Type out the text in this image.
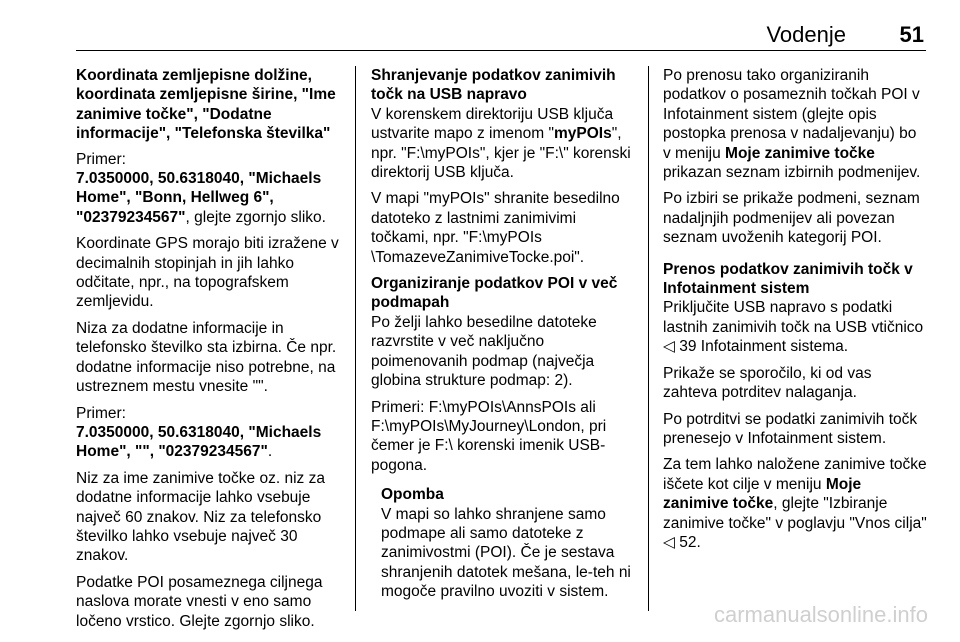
Vodenje 51
Koordinata zemljepisne dolžine, koordinata zemljepisne širine, "Ime zanimive točke", "Dodatne informacije", "Telefonska številka"

Primer:
7.0350000, 50.6318040, "Michaels Home", "Bonn, Hellweg 6", "02379234567", glejte zgornjo sliko.

Koordinate GPS morajo biti izražene v decimalnih stopinjah in jih lahko odčitate, npr., na topografskem zemljevidu.

Niza za dodatne informacije in telefonsko številko sta izbirna. Če npr. dodatne informacije niso potrebne, na ustreznem mestu vnesite "".

Primer:
7.0350000, 50.6318040, "Michaels Home", "", "02379234567".

Niz za ime zanimive točke oz. niz za dodatne informacije lahko vsebuje največ 60 znakov. Niz za telefonsko številko lahko vsebuje največ 30 znakov.

Podatke POI posameznega ciljnega naslova morate vnesti v eno samo ločeno vrstico. Glejte zgornjo sliko.

Shranjevanje podatkov zanimivih točk na USB napravo

V korenskem direktoriju USB ključa ustvarite mapo z imenom "myPOIs", npr. "F:\myPOIs", kjer je "F:\" korenski direktorij USB ključa.

V mapi "myPOIs" shranite besedilno datoteko z lastnimi zanimivimi točkami, npr. "F:\myPOIs \TomazeveZanimiveTocke.poi".

Organiziranje podatkov POI v več podmapah

Po želji lahko besedilne datoteke razvrstite v več naključno poimenovanih podmap (največja globina strukture podmap: 2).

Primeri: F:\myPOIs\AnnsPOIs ali F:\myPOIs\MyJourney\London, pri čemer je F:\ korenski imenik USB-pogona.

Opomba
V mapi so lahko shranjene samo podmape ali samo datoteke z zanimivostmi (POI). Če je sestava shranjenih datotek mešana, le-teh ni mogoče pravilno uvoziti v sistem.

Po prenosu tako organiziranih podatkov o posameznih točkah POI v Infotainment sistem (glejte opis postopka prenosa v nadaljevanju) bo v meniju Moje zanimive točke prikazan seznam izbirnih podmenijev.

Po izbiri se prikaže podmeni, seznam nadaljnjih podmenijev ali povezan seznam uvoženih kategorij POI.

Prenos podatkov zanimivih točk v Infotainment sistem

Priključite USB napravo s podatki lastnih zanimivih točk na USB vtičnico ◁ 39 Infotainment sistema.

Prikaže se sporočilo, ki od vas zahteva potrditev nalaganja.

Po potrditvi se podatki zanimivih točk prenesejo v Infotainment sistem.

Za tem lahko naložene zanimive točke iščete kot cilje v meniju Moje zanimive točke, glejte "Izbiranje zanimive točke" v poglavju "Vnos cilja" ◁ 52.

carmanualsonline.info
